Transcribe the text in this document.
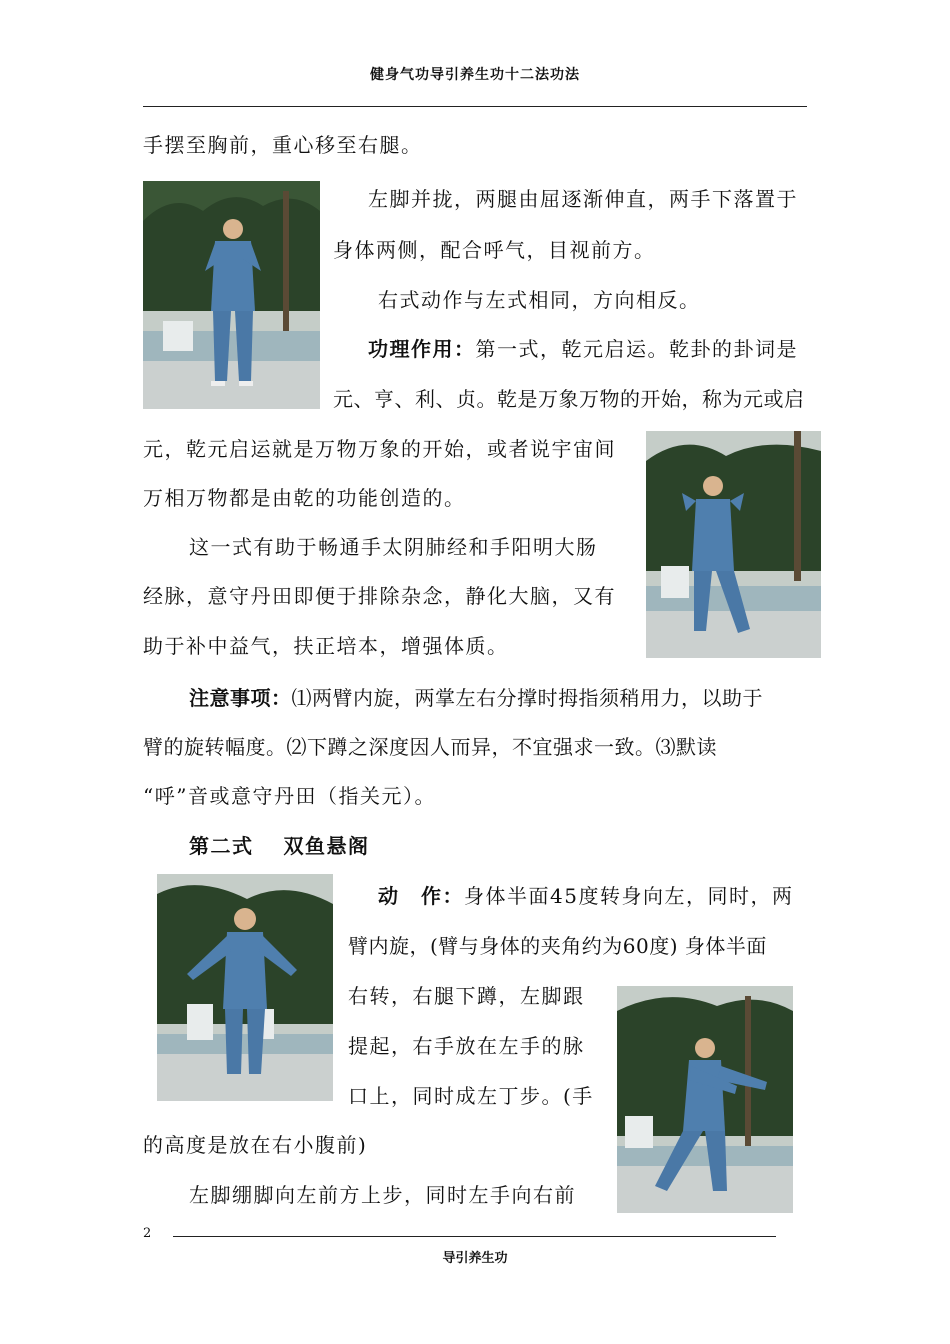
健身气功导引养生功十二法功法
手摆至胸前，重心移至右腿。
左脚并拢，两腿由屈逐渐伸直，两手下落置于
身体两侧，配合呼气，目视前方。
右式动作与左式相同，方向相反。
功理作用：第一式，乾元启运。乾卦的卦词是
元、亨、利、贞。乾是万象万物的开始，称为元或启
元，乾元启运就是万物万象的开始，或者说宇宙间
万相万物都是由乾的功能创造的。
这一式有助于畅通手太阴肺经和手阳明大肠
经脉，意守丹田即便于排除杂念，静化大脑，又有
助于补中益气，扶正培本，增强体质。
注意事项：⑴两臂内旋，两掌左右分撑时拇指须稍用力，以助于
臂的旋转幅度。⑵下蹲之深度因人而异，不宜强求一致。⑶默读
“呼”音或意守丹田（指关元）。
第二式　 双鱼悬阁
动　作：身体半面45度转身向左，同时，两
臂内旋，(臂与身体的夹角约为60度) 身体半面
右转，右腿下蹲，左脚跟
提起，右手放在左手的脉
口上，同时成左丁步。(手
的高度是放在右小腹前)
左脚绷脚向左前方上步，同时左手向右前
2
导引养生功
